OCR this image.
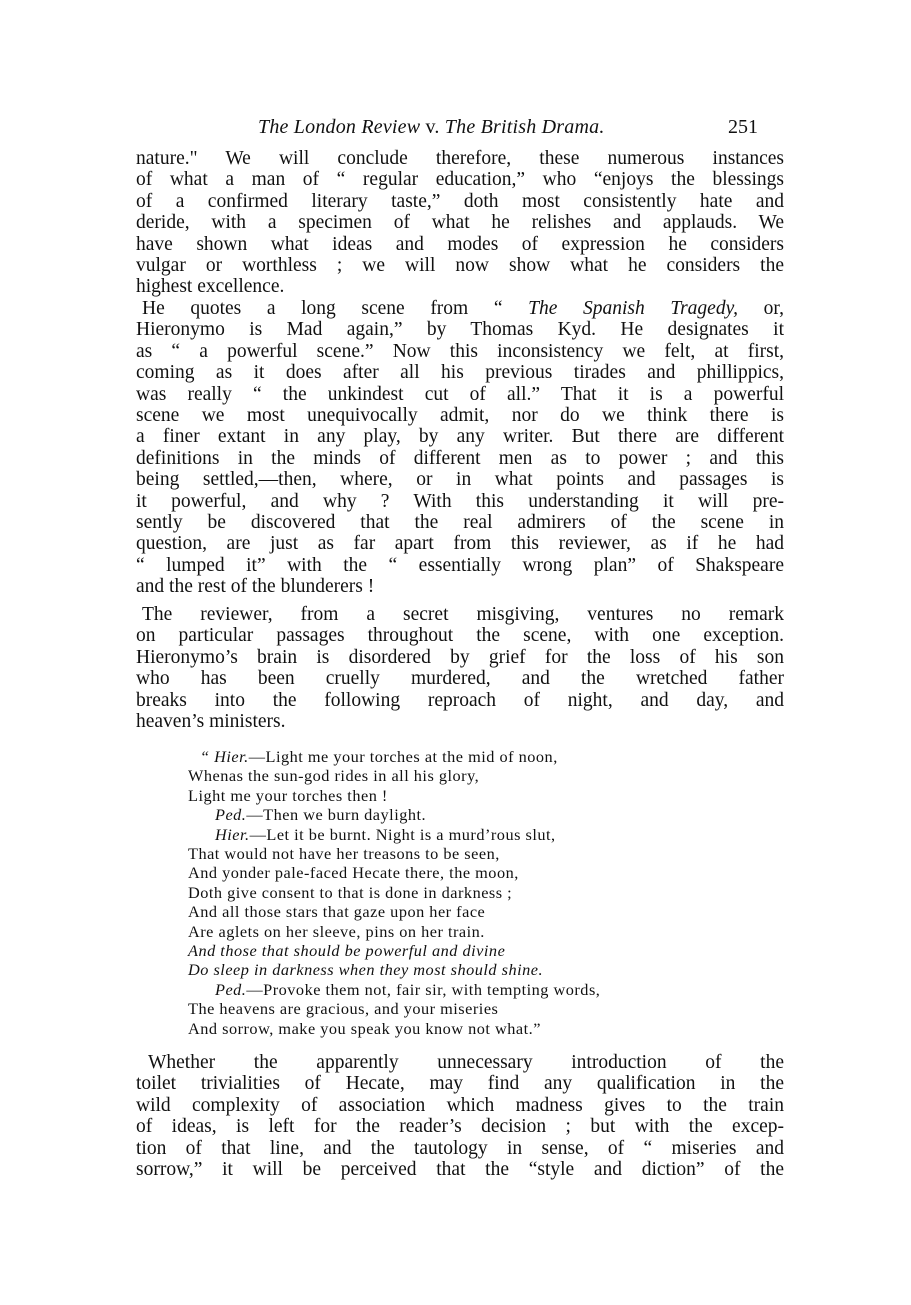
The London Review v. The British Drama.	251
nature." We will conclude therefore, these numerous instances
of what a man of “ regular education,” who “enjoys the blessings
of a confirmed literary taste,” doth most consistently hate and
deride, with a specimen of what he relishes and applauds. We
have shown what ideas and modes of expression he considers
vulgar or worthless ; we will now show what he considers the
highest excellence.
He quotes a long scene from “ The Spanish Tragedy, or,
Hieronymo is Mad again,” by Thomas Kyd. He designates it
as “ a powerful scene.” Now this inconsistency we felt, at first,
coming as it does after all his previous tirades and phillippics,
was really “ the unkindest cut of all.” That it is a powerful
scene we most unequivocally admit, nor do we think there is
a finer extant in any play, by any writer. But there are different
definitions in the minds of different men as to power ; and this
being settled,—then, where, or in what points and passages is
it powerful, and why ? With this understanding it will pre-
sently be discovered that the real admirers of the scene in
question, are just as far apart from this reviewer, as if he had
“ lumped it” with the “ essentially wrong plan” of Shakspeare
and the rest of the blunderers !
The reviewer, from a secret misgiving, ventures no remark
on particular passages throughout the scene, with one exception.
Hieronymo’s brain is disordered by grief for the loss of his son
who has been cruelly murdered, and the wretched father
breaks into the following reproach of night, and day, and
heaven’s ministers.
“ Hier.—Light me your torches at the mid of noon,
Whenas the sun-god rides in all his glory,
Light me your torches then !
Ped.—Then we burn daylight.
Hier.—Let it be burnt. Night is a murd’rous slut,
That would not have her treasons to be seen,
And yonder pale-faced Hecate there, the moon,
Doth give consent to that is done in darkness ;
And all those stars that gaze upon her face
Are aglets on her sleeve, pins on her train.
And those that should be powerful and divine
Do sleep in darkness when they most should shine.
Ped.—Provoke them not, fair sir, with tempting words,
The heavens are gracious, and your miseries
And sorrow, make you speak you know not what.”
Whether the apparently unnecessary introduction of the
toilet trivialities of Hecate, may find any qualification in the
wild complexity of association which madness gives to the train
of ideas, is left for the reader’s decision ; but with the excep-
tion of that line, and the tautology in sense, of “ miseries and
sorrow,” it will be perceived that the “style and diction” of the
